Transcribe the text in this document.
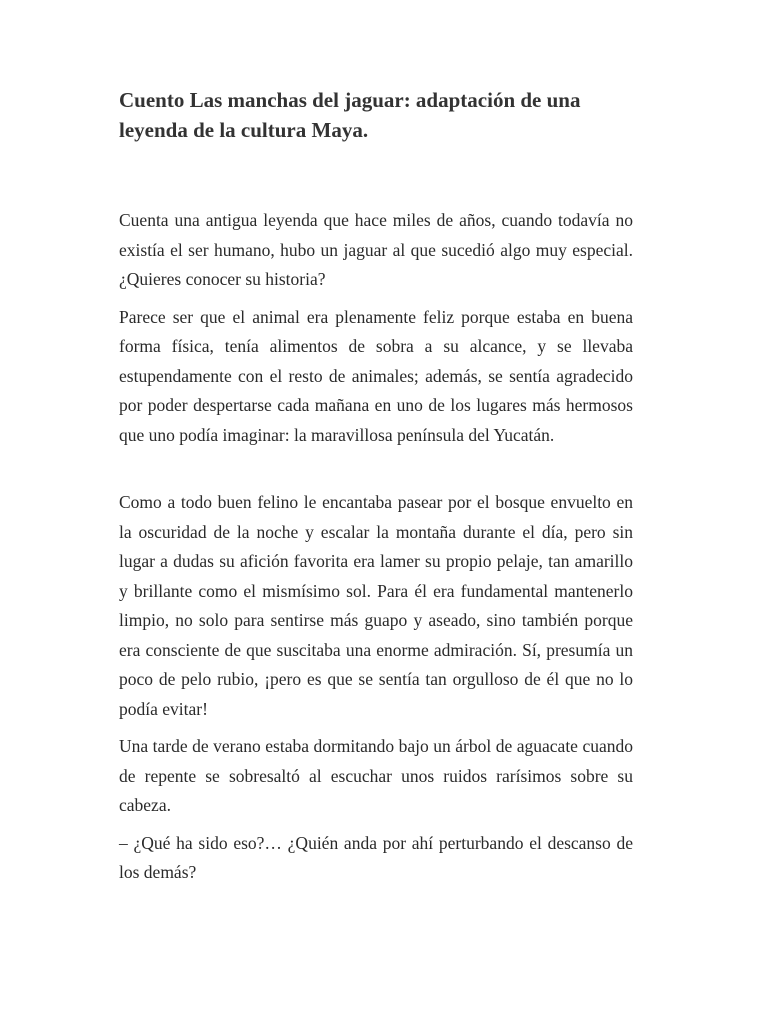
Cuento Las manchas del jaguar: adaptación de una leyenda de la cultura Maya.

Cuenta una antigua leyenda que hace miles de años, cuando todavía no existía el ser humano, hubo un jaguar al que sucedió algo muy especial. ¿Quieres conocer su historia?

Parece ser que el animal era plenamente feliz porque estaba en buena forma física, tenía alimentos de sobra a su alcance, y se llevaba estupendamente con el resto de animales; además, se sentía agradecido por poder despertarse cada mañana en uno de los lugares más hermosos que uno podía imaginar: la maravillosa península del Yucatán.

Como a todo buen felino le encantaba pasear por el bosque envuelto en la oscuridad de la noche y escalar la montaña durante el día, pero sin lugar a dudas su afición favorita era lamer su propio pelaje, tan amarillo y brillante como el mismísimo sol. Para él era fundamental mantenerlo limpio, no solo para sentirse más guapo y aseado, sino también porque era consciente de que suscitaba una enorme admiración. Sí, presumía un poco de pelo rubio, ¡pero es que se sentía tan orgulloso de él que no lo podía evitar!

Una tarde de verano estaba dormitando bajo un árbol de aguacate cuando de repente se sobresaltó al escuchar unos ruidos rarísimos sobre su cabeza.

– ¿Qué ha sido eso?… ¿Quién anda por ahí perturbando el descanso de los demás?
